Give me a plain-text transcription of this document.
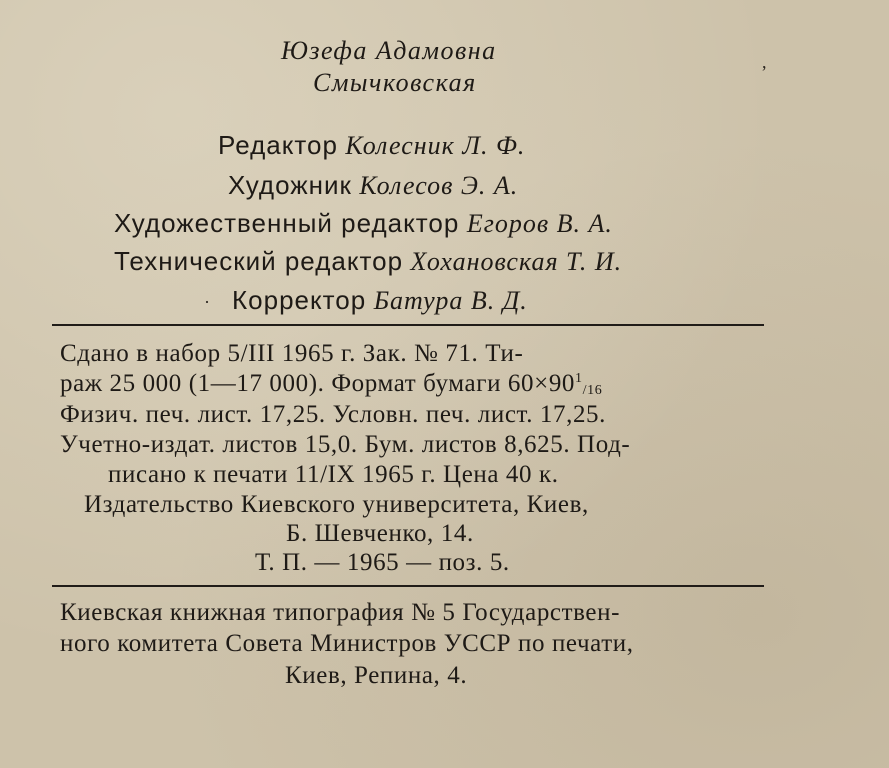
Юзефа Адамовна
Смычковская
Редактор Колесник Л. Ф.
Художник Колесов Э. А.
Художественный редактор Егоров В. А.
Технический редактор Хохановская Т. И.
Корректор Батура В. Д.
·
,
Сдано в набор 5/III 1965 г. Зак. № 71. Ти-
раж 25 000 (1—17 000). Формат бумаги $60\times 90^1_{/16}$
Физич. печ. лист. 17,25. Условн. печ. лист. 17,25.
Учетно-издат. листов 15,0. Бум. листов 8,625. Под-
писано к печати 11/IX 1965 г. Цена 40 к.
Издательство Киевского университета, Киев,
Б. Шевченко, 14.
Т. П. — 1965 — поз. 5.
Киевская книжная типография № 5 Государствен-
ного комитета Совета Министров УССР по печати,
Киев, Репина, 4.
